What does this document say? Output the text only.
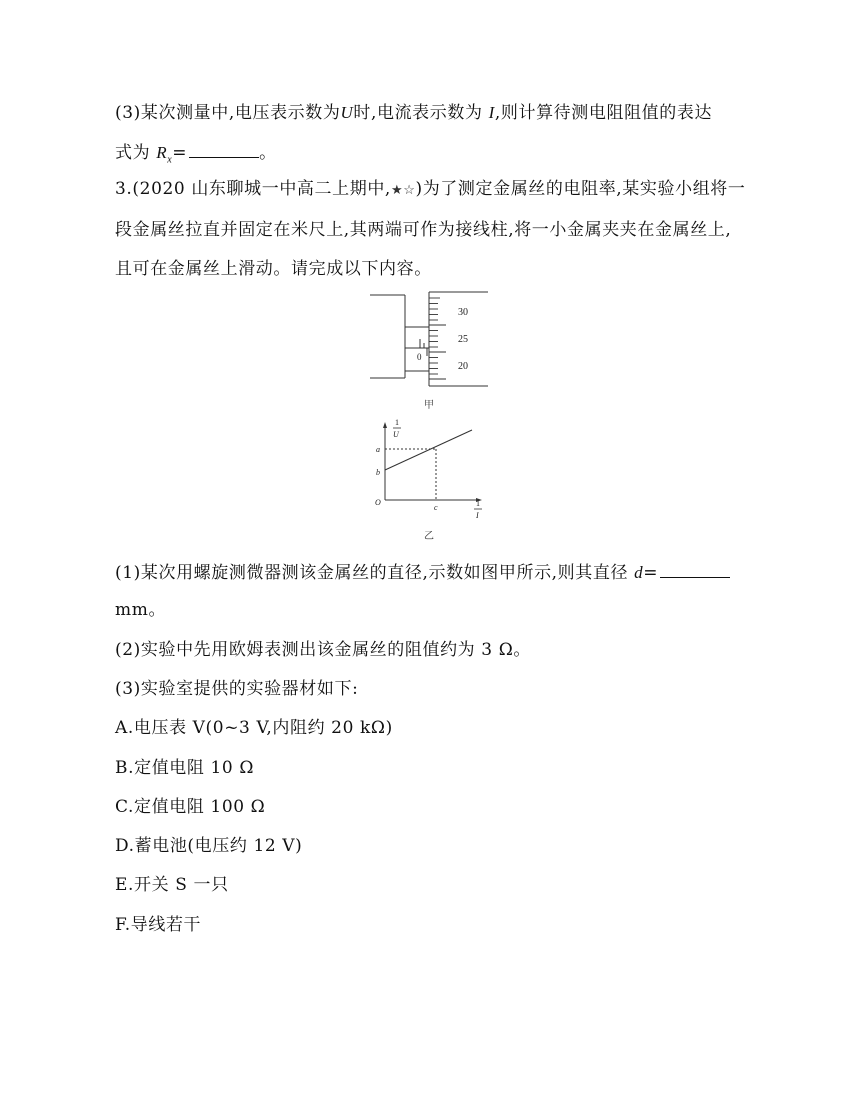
(3)某次测量中,电压表示数为U时,电流表示数为 I,则计算待测电阻阻值的表达
式为 $R_x=$	。
3.(2020 山东聊城一中高二上期中,★☆)为了测定金属丝的电阻率,某实验小组将一
段金属丝拉直并固定在米尺上,其两端可作为接线柱,将一小金属夹夹在金属丝上,
且可在金属丝上滑动。请完成以下内容。
30
25
20
0
甲
1
U
1
I
a
b
c
O
乙
(1)某次用螺旋测微器测该金属丝的直径,示数如图甲所示,则其直径 d=
mm。
(2)实验中先用欧姆表测出该金属丝的阻值约为 3 Ω。
(3)实验室提供的实验器材如下:
A.电压表 V(0~3 V,内阻约 20 kΩ)
B.定值电阻 10 Ω
C.定值电阻 100 Ω
D.蓄电池(电压约 12 V)
E.开关 S 一只
F.导线若干
